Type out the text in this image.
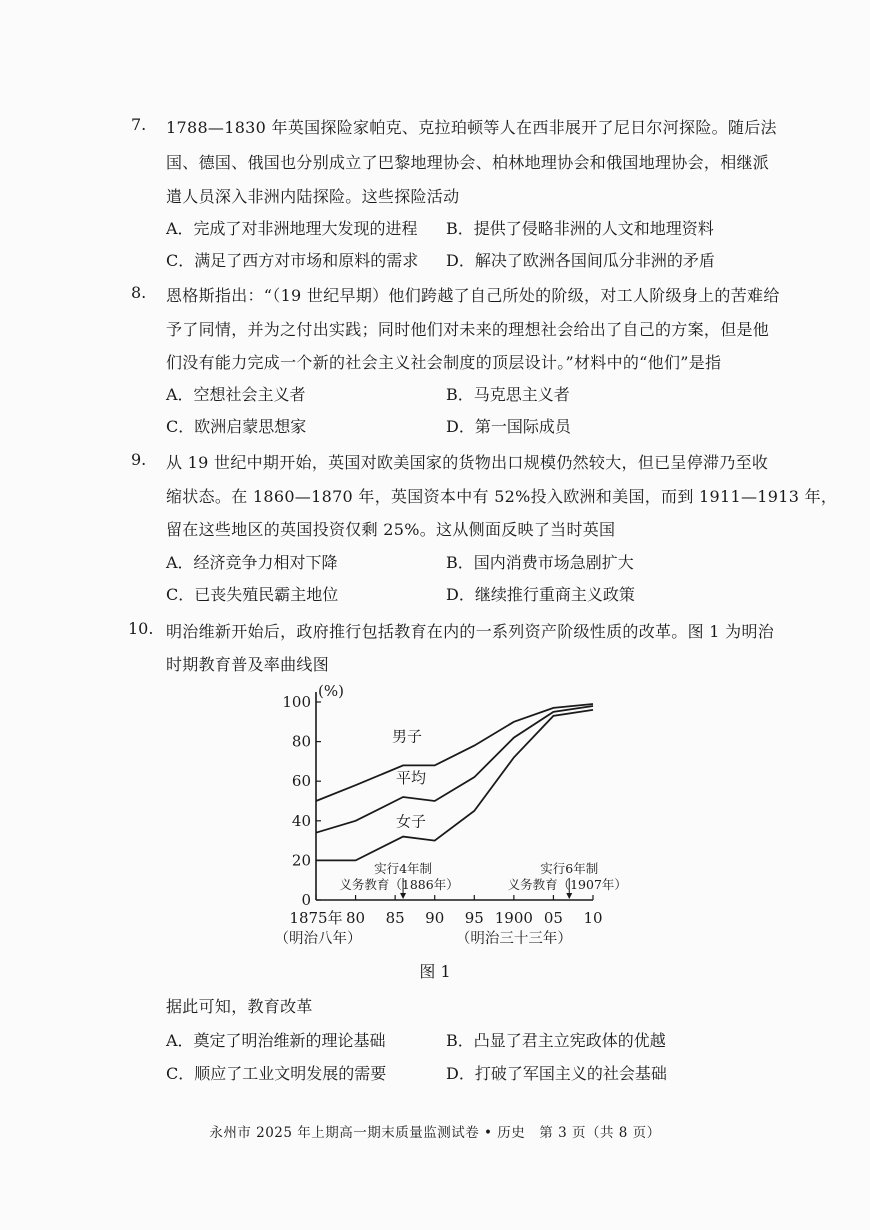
7. 1788—1830 年英国探险家帕克、克拉珀顿等人在西非展开了尼日尔河探险。随后法
国、德国、俄国也分别成立了巴黎地理协会、柏林地理协会和俄国地理协会，相继派
遣人员深入非洲内陆探险。这些探险活动
A．完成了对非洲地理大发现的进程 B．提供了侵略非洲的人文和地理资料
C．满足了西方对市场和原料的需求 D．解决了欧洲各国间瓜分非洲的矛盾
8. 恩格斯指出：“（19 世纪早期）他们跨越了自己所处的阶级，对工人阶级身上的苦难给
予了同情，并为之付出实践；同时他们对未来的理想社会给出了自己的方案，但是他
们没有能力完成一个新的社会主义社会制度的顶层设计。”材料中的“他们”是指
A．空想社会主义者	B．马克思主义者
C．欧洲启蒙思想家	D．第一国际成员
9. 从 19 世纪中期开始，英国对欧美国家的货物出口规模仍然较大，但已呈停滞乃至收
缩状态。在 1860—1870 年，英国资本中有 52%投入欧洲和美国，而到 1911—1913 年，
留在这些地区的英国投资仅剩 25%。这从侧面反映了当时英国
A．经济竞争力相对下降	B．国内消费市场急剧扩大
C．已丧失殖民霸主地位	D．继续推行重商主义政策
10. 明治维新开始后，政府推行包括教育在内的一系列资产阶级性质的改革。图 1 为明治
时期教育普及率曲线图
(%)
0
20
40
60
80
100
1875年 80 85 90 95 1900 05 10
（明治八年）	（明治三十三年）
男子
平均
女子
实行4年制
义务教育（1886年）
实行6年制
义务教育（1907年）
图 1
据此可知，教育改革
A．奠定了明治维新的理论基础	B．凸显了君主立宪政体的优越
C．顺应了工业文明发展的需要	D．打破了军国主义的社会基础
永州市 2025 年上期高一期末质量监测试卷 • 历史　第 3 页（共 8 页）
